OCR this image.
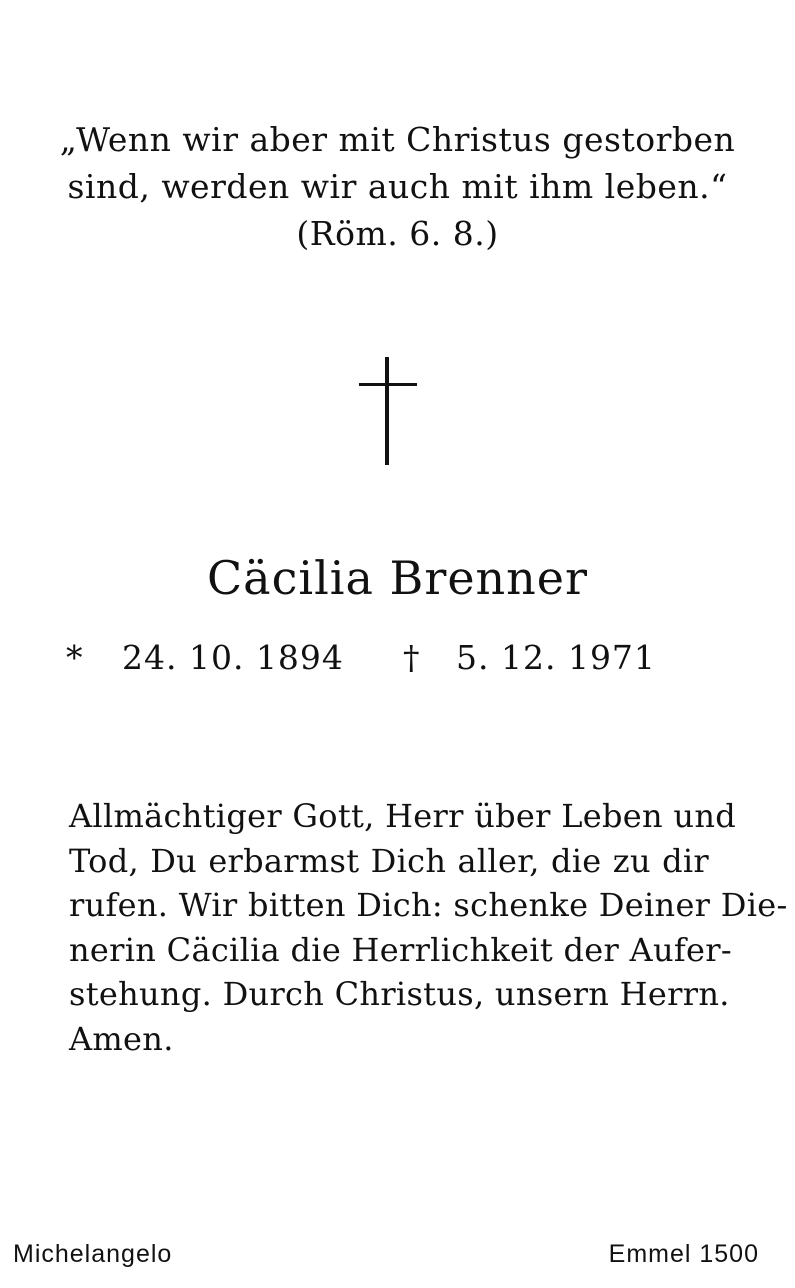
„Wenn wir aber mit Christus gestorben
sind, werden wir auch mit ihm leben.“
(Röm. 6. 8.)
Cäcilia Brenner
* 24. 10. 1894 † 5. 12. 1971
Allmächtiger Gott, Herr über Leben und
Tod, Du erbarmst Dich aller, die zu dir
rufen. Wir bitten Dich: schenke Deiner Die-
nerin Cäcilia die Herrlichkeit der Aufer-
stehung. Durch Christus, unsern Herrn.
Amen.
Michelangelo	Emmel 1500
